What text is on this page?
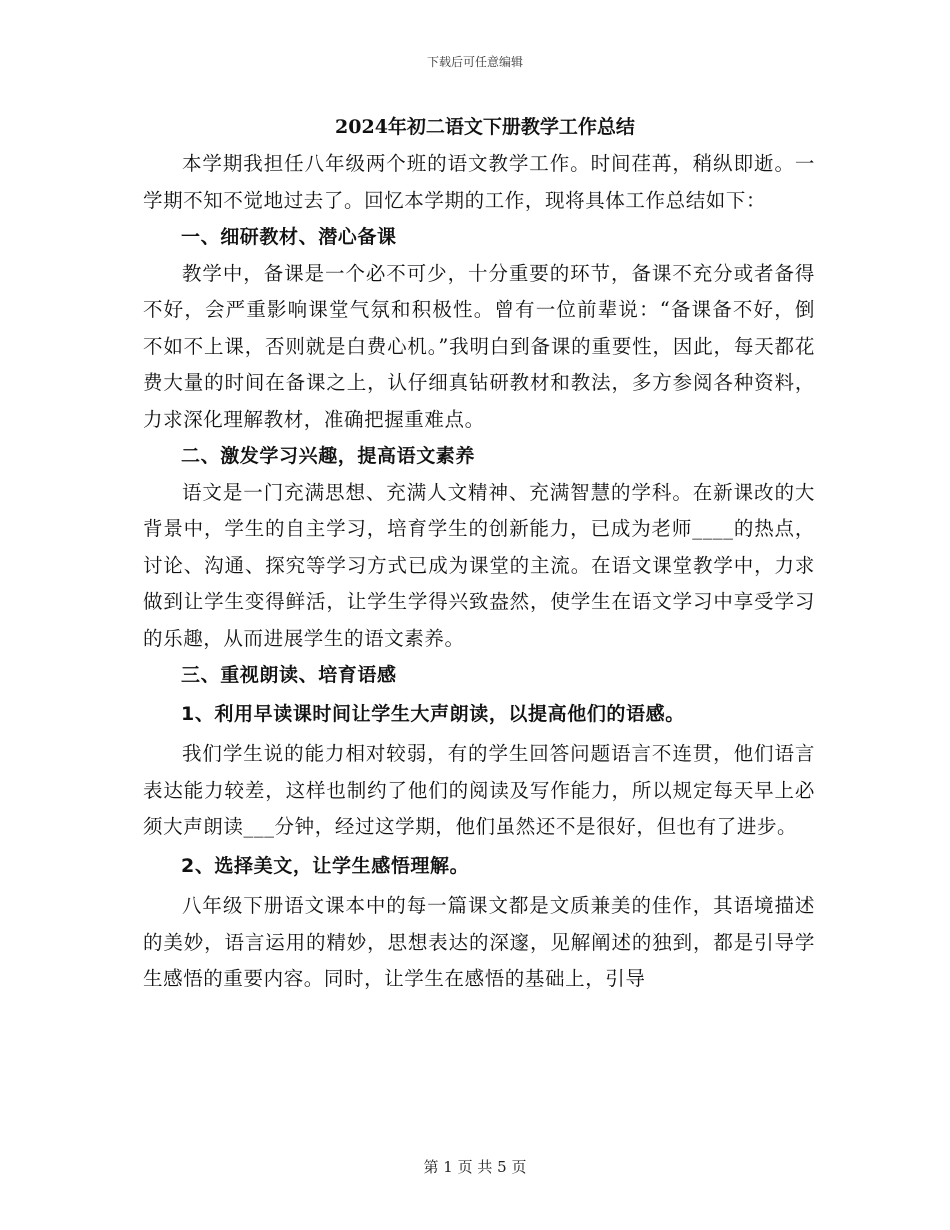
下载后可任意编辑
2024年初二语文下册教学工作总结

本学期我担任八年级两个班的语文教学工作。时间荏苒，稍纵即逝。一学期不知不觉地过去了。回忆本学期的工作，现将具体工作总结如下：

一、细研教材、潜心备课

教学中，备课是一个必不可少，十分重要的环节，备课不充分或者备得不好，会严重影响课堂气氛和积极性。曾有一位前辈说：“备课备不好，倒不如不上课，否则就是白费心机。”我明白到备课的重要性，因此，每天都花费大量的时间在备课之上，认仔细真钻研教材和教法，多方参阅各种资料，力求深化理解教材，准确把握重难点。

二、激发学习兴趣，提高语文素养

语文是一门充满思想、充满人文精神、充满智慧的学科。在新课改的大背景中，学生的自主学习，培育学生的创新能力，已成为老师____的热点，讨论、沟通、探究等学习方式已成为课堂的主流。在语文课堂教学中，力求做到让学生变得鲜活，让学生学得兴致盎然，使学生在语文学习中享受学习的乐趣，从而进展学生的语文素养。

三、重视朗读、培育语感

1、利用早读课时间让学生大声朗读，以提高他们的语感。

我们学生说的能力相对较弱，有的学生回答问题语言不连贯，他们语言表达能力较差，这样也制约了他们的阅读及写作能力，所以规定每天早上必须大声朗读___分钟，经过这学期，他们虽然还不是很好，但也有了进步。

2、选择美文，让学生感悟理解。

八年级下册语文课本中的每一篇课文都是文质兼美的佳作，其语境描述的美妙，语言运用的精妙，思想表达的深邃，见解阐述的独到，都是引导学生感悟的重要内容。同时，让学生在感悟的基础上，引导

第 1 页 共 5 页
